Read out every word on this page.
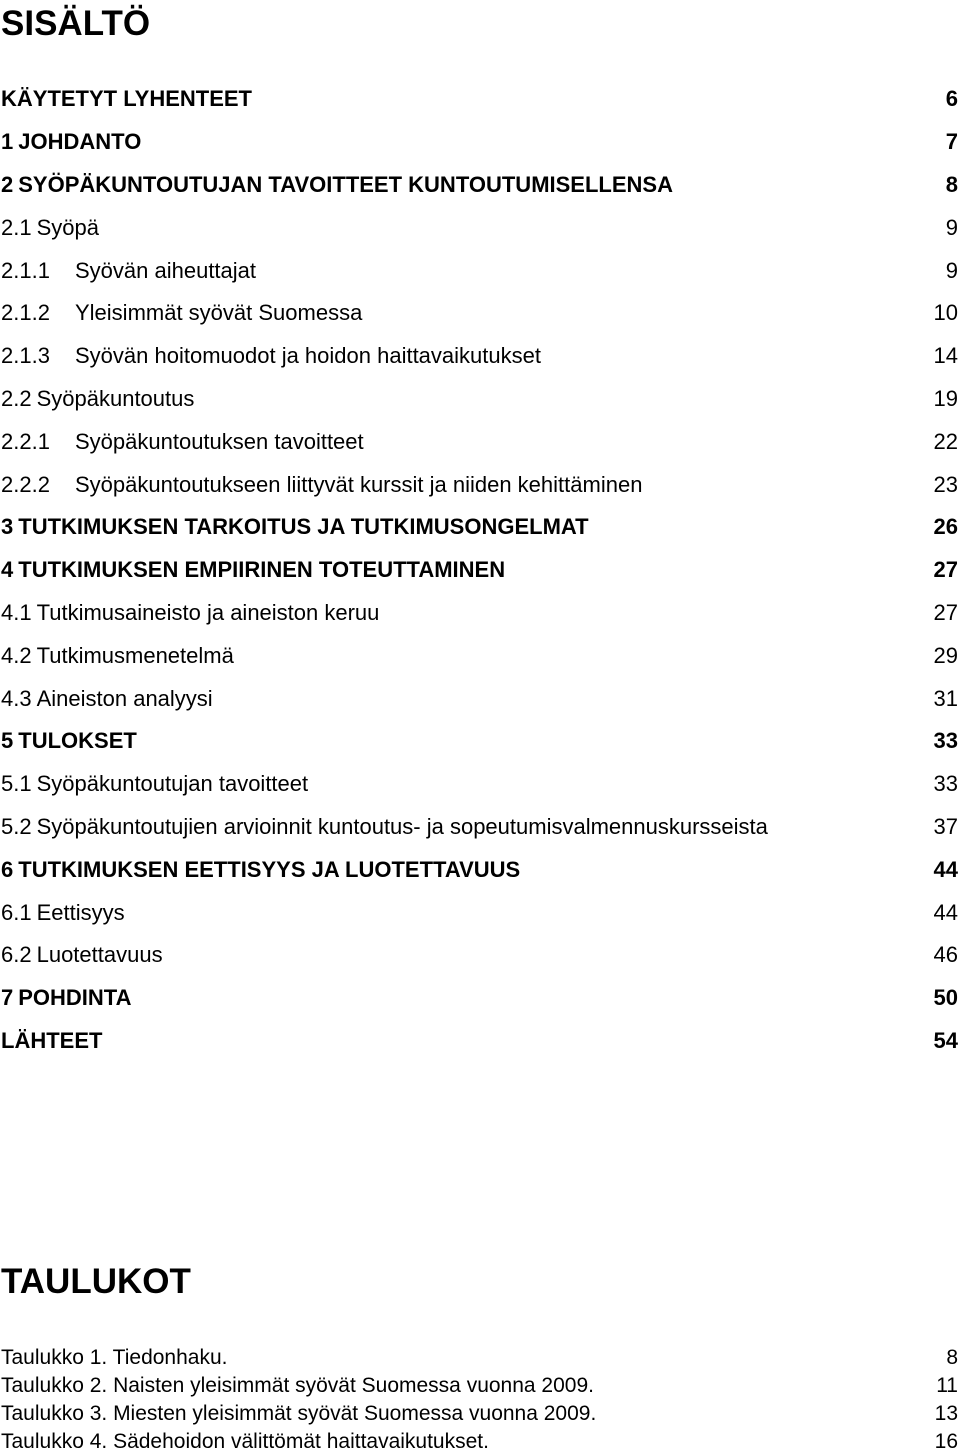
SISÄLTÖ
KÄYTETYT LYHENTEET	6
1 JOHDANTO	7
2 SYÖPÄKUNTOUTUJAN TAVOITTEET KUNTOUTUMISELLENSA	8
2.1 Syöpä	9
2.1.1 Syövän aiheuttajat	9
2.1.2 Yleisimmät syövät Suomessa	10
2.1.3 Syövän hoitomuodot ja hoidon haittavaikutukset	14
2.2 Syöpäkuntoutus	19
2.2.1 Syöpäkuntoutuksen tavoitteet	22
2.2.2 Syöpäkuntoutukseen liittyvät kurssit ja niiden kehittäminen	23
3 TUTKIMUKSEN TARKOITUS JA TUTKIMUSONGELMAT	26
4 TUTKIMUKSEN EMPIIRINEN TOTEUTTAMINEN	27
4.1 Tutkimusaineisto ja aineiston keruu	27
4.2 Tutkimusmenetelmä	29
4.3 Aineiston analyysi	31
5 TULOKSET	33
5.1 Syöpäkuntoutujan tavoitteet	33
5.2 Syöpäkuntoutujien arvioinnit kuntoutus- ja sopeutumisvalmennuskursseista	37
6 TUTKIMUKSEN EETTISYYS JA LUOTETTAVUUS	44
6.1 Eettisyys	44
6.2 Luotettavuus	46
7 POHDINTA	50
LÄHTEET	54
TAULUKOT
Taulukko 1. Tiedonhaku.	8
Taulukko 2. Naisten yleisimmät syövät Suomessa vuonna 2009.	11
Taulukko 3. Miesten yleisimmät syövät Suomessa vuonna 2009.	13
Taulukko 4. Sädehoidon välittömät haittavaikutukset.	16
